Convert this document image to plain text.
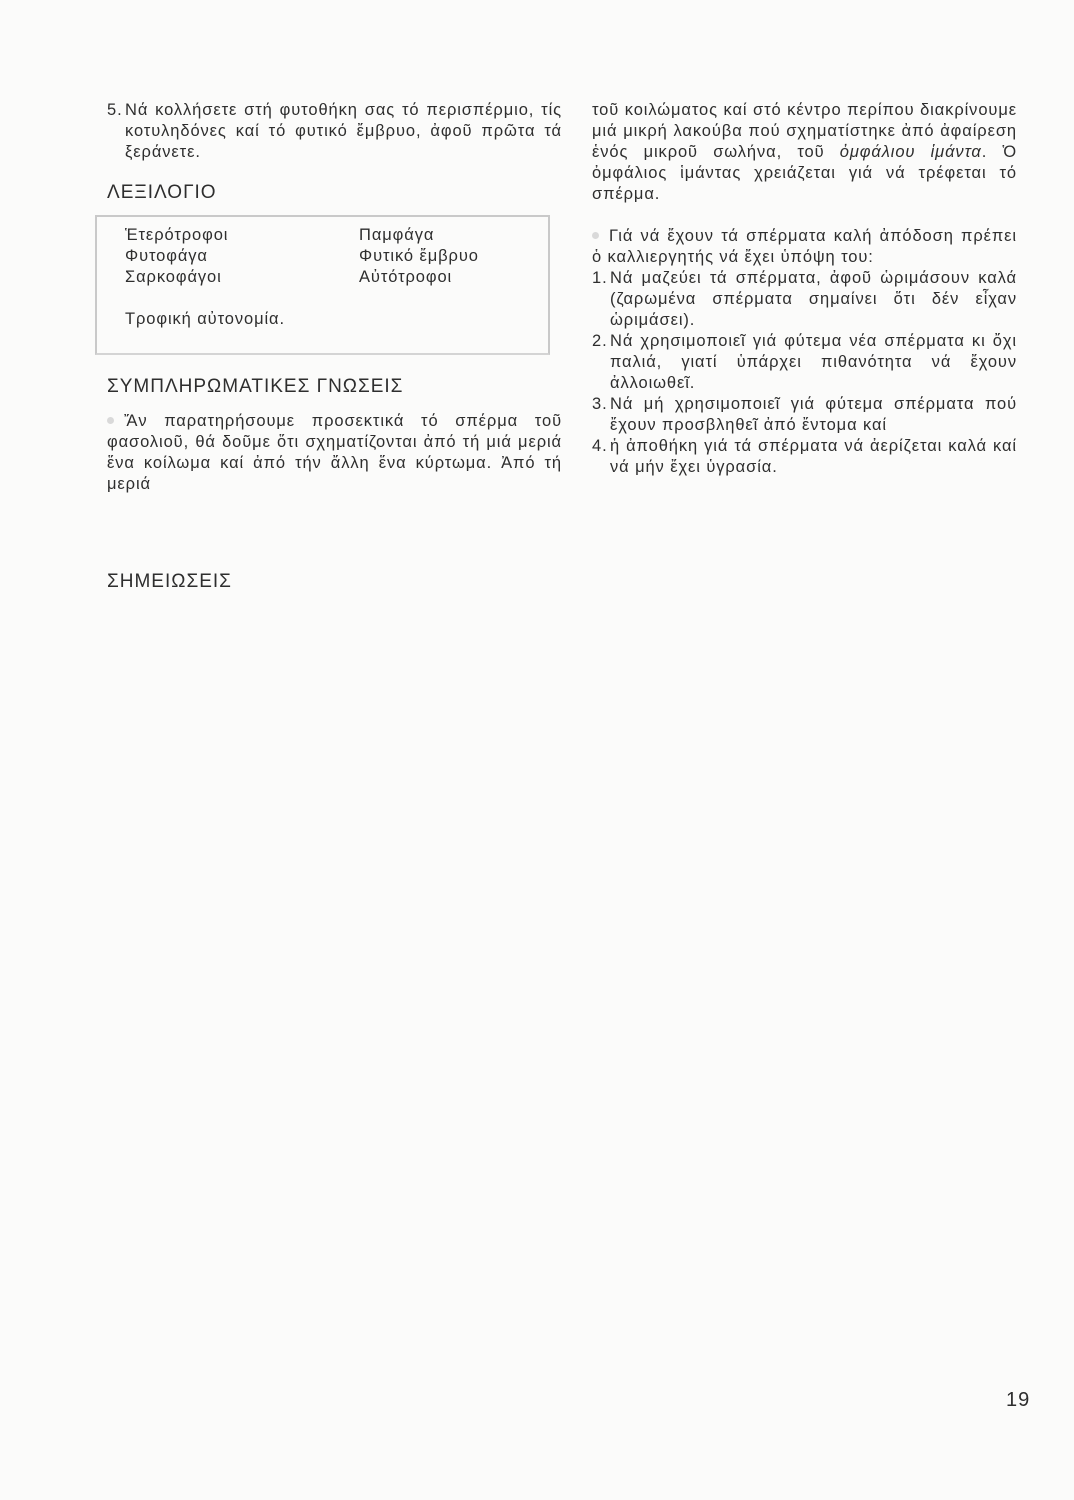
5. Νά κολλήσετε στή φυτοθήκη σας τό περισπέρμιο, τίς κοτυληδόνες καί τό φυτικό ἔμβρυο, ἀφοῦ πρῶτα τά ξεράνετε.
ΛΕΞΙΛΟΓΙΟ
Ἑτερότροφοι
Φυτοφάγα
Σαρκοφάγοι
Παμφάγα
Φυτικό ἔμβρυο
Αὐτότροφοι
Τροφική αὐτονομία.
ΣΥΜΠΛΗΡΩΜΑΤΙΚΕΣ ΓΝΩΣΕΙΣ
Ἄν παρατηρήσουμε προσεκτικά τό σπέρμα τοῦ φασολιοῦ, θά δοῦμε ὅτι σχηματίζονται ἀπό τή μιά μεριά ἕνα κοίλωμα καί ἀπό τήν ἄλλη ἕνα κύρτωμα. Ἀπό τή μεριά
τοῦ κοιλώματος καί στό κέντρο περίπου διακρίνουμε μιά μικρή λακούβα πού σχηματίστηκε ἀπό ἀφαίρεση ἑνός μικροῦ σωλήνα, τοῦ ὀμφάλιου ἱμάντα. Ὁ ὀμφάλιος ἱμάντας χρειάζεται γιά νά τρέφεται τό σπέρμα.
Γιά νά ἔχουν τά σπέρματα καλή ἀπόδοση πρέπει ὁ καλλιεργητής νά ἔχει ὑπόψη του:
1. Νά μαζεύει τά σπέρματα, ἀφοῦ ὡριμάσουν καλά (ζαρωμένα σπέρματα σημαίνει ὅτι δέν εἶχαν ὡριμάσει).
2. Νά χρησιμοποιεῖ γιά φύτεμα νέα σπέρματα κι ὄχι παλιά, γιατί ὑπάρχει πιθανότητα νά ἔχουν ἀλλοιωθεῖ.
3. Νά μή χρησιμοποιεῖ γιά φύτεμα σπέρματα πού ἔχουν προσβληθεῖ ἀπό ἔντομα καί
4. ἡ ἀποθήκη γιά τά σπέρματα νά ἀερίζεται καλά καί νά μήν ἔχει ὑγρασία.
ΣΗΜΕΙΩΣΕΙΣ
19
